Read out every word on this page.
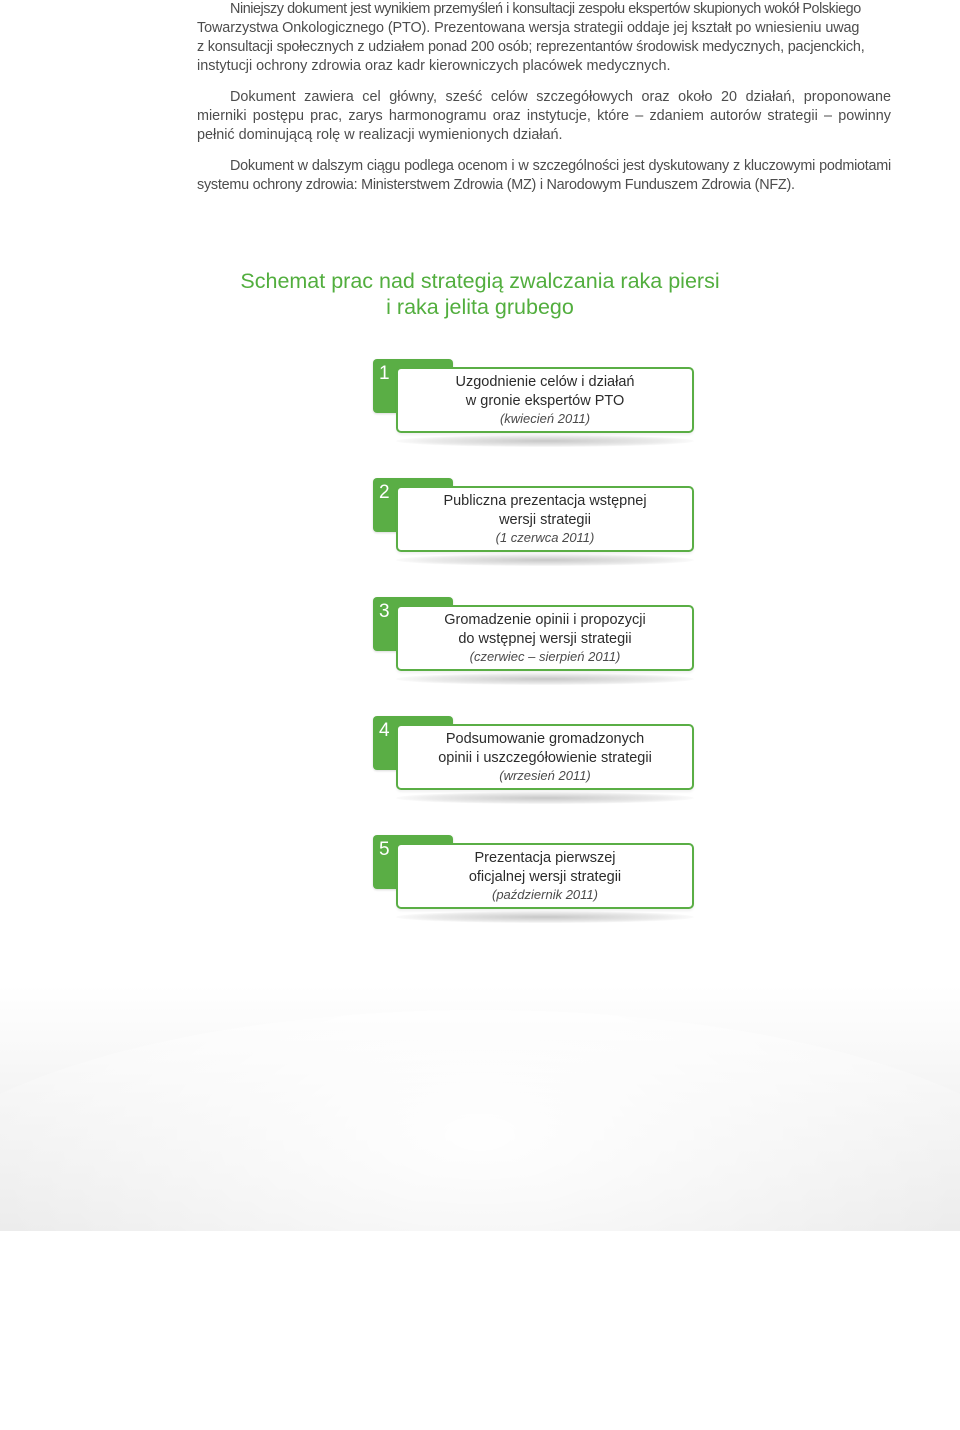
Niniejszy dokument jest wynikiem przemyśleń i konsultacji zespołu ekspertów skupionych wokół Polskiego
Towarzystwa Onkologicznego (PTO). Prezentowana wersja strategii oddaje jej kształt po wniesieniu uwag
z konsultacji społecznych z udziałem ponad 200 osób; reprezentantów środowisk medycznych, pacjenckich,
instytucji ochrony zdrowia oraz kadr kierowniczych placówek medycznych.

Dokument zawiera cel główny, sześć celów szczegółowych oraz około 20 działań, proponowane mierniki postępu prac, zarys harmonogramu oraz instytucje, które – zdaniem autorów strategii – powinny pełnić dominującą rolę w realizacji wymienionych działań.

Dokument w dalszym ciągu podlega ocenom i w szczególności jest dyskutowany z kluczowymi podmiotami systemu ochrony zdrowia: Ministerstwem Zdrowia (MZ) i Narodowym Funduszem Zdrowia (NFZ).

Schemat prac nad strategią zwalczania raka piersi
i raka jelita grubego
1	Uzgodnienie celów i działań
w gronie ekspertów PTO
(kwiecień 2011)
2	Publiczna prezentacja wstępnej
wersji strategii
(1 czerwca 2011)
3	Gromadzenie opinii i propozycji
do wstępnej wersji strategii
(czerwiec – sierpień 2011)
4	Podsumowanie gromadzonych
opinii i uszczegółowienie strategii
(wrzesień 2011)
5	Prezentacja pierwszej
oficjalnej wersji strategii
(październik 2011)
